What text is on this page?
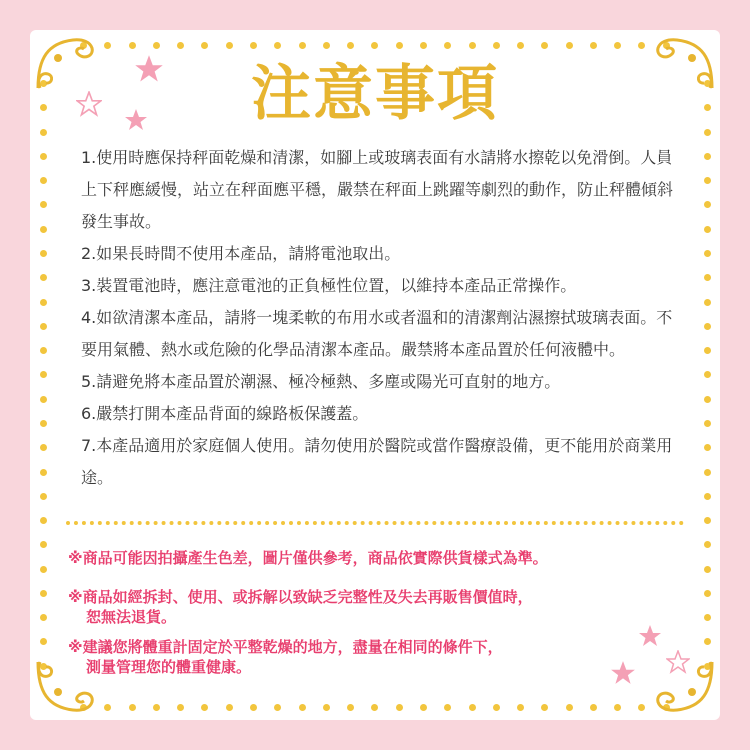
注意事項

1.使用時應保持秤面乾燥和清潔，如腳上或玻璃表面有水請將水擦乾以免滑倒。人員上下秤應緩慢，站立在秤面應平穩，嚴禁在秤面上跳躍等劇烈的動作，防止秤體傾斜發生事故。

2.如果長時間不使用本產品，請將電池取出。

3.裝置電池時，應注意電池的正負極性位置，以維持本產品正常操作。

4.如欲清潔本產品，請將一塊柔軟的布用水或者溫和的清潔劑沾濕擦拭玻璃表面。不要用氣體、熱水或危險的化學品清潔本產品。嚴禁將本產品置於任何液體中。

5.請避免將本產品置於潮濕、極冷極熱、多塵或陽光可直射的地方。

6.嚴禁打開本產品背面的線路板保護蓋。

7.本產品適用於家庭個人使用。請勿使用於醫院或當作醫療設備，更不能用於商業用途。

※商品可能因拍攝產生色差，圖片僅供參考，商品依實際供貨樣式為準。
※商品如經拆封、使用、或拆解以致缺乏完整性及失去再販售價值時，
恕無法退貨。
※建議您將體重計固定於平整乾燥的地方，盡量在相同的條件下，
測量管理您的體重健康。
